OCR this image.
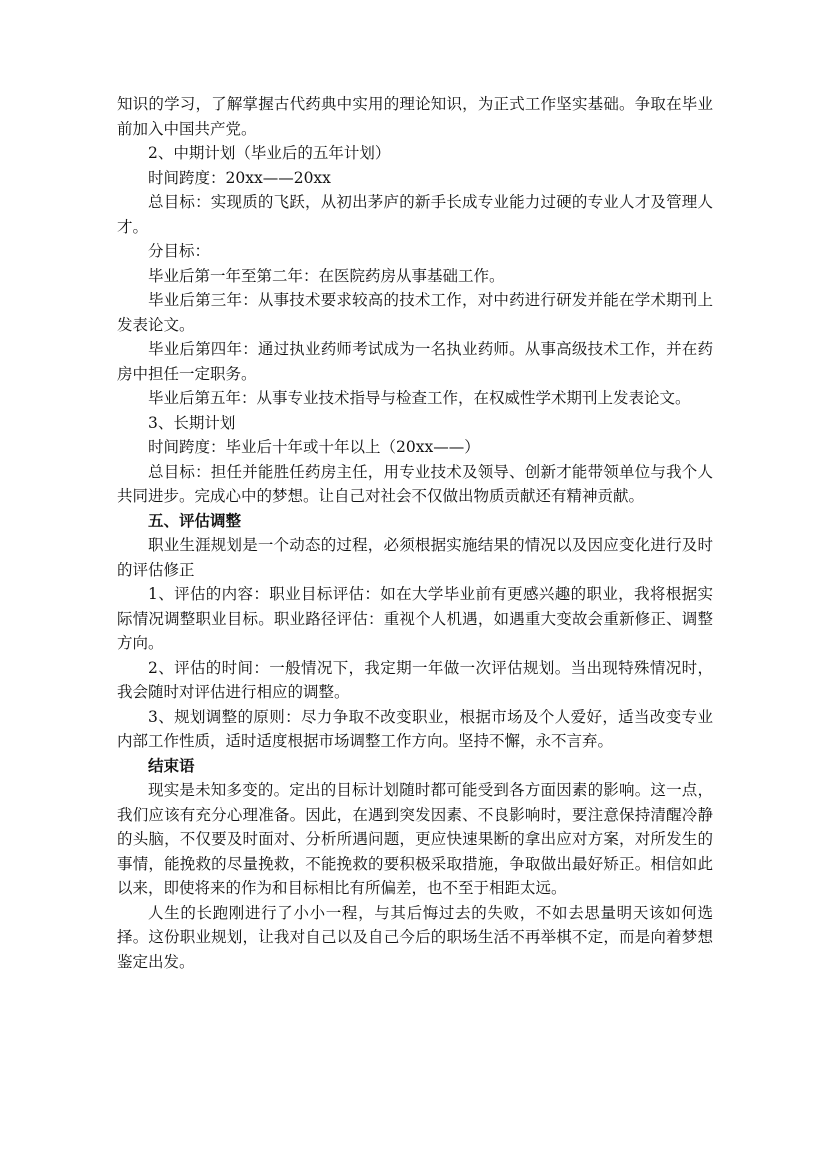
知识的学习，了解掌握古代药典中实用的理论知识，为正式工作坚实基础。争取在毕业前加入中国共产党。

2、中期计划（毕业后的五年计划）

时间跨度：20xx——20xx

总目标：实现质的飞跃，从初出茅庐的新手长成专业能力过硬的专业人才及管理人才。

分目标：

毕业后第一年至第二年：在医院药房从事基础工作。

毕业后第三年：从事技术要求较高的技术工作，对中药进行研发并能在学术期刊上发表论文。

毕业后第四年：通过执业药师考试成为一名执业药师。从事高级技术工作，并在药房中担任一定职务。

毕业后第五年：从事专业技术指导与检查工作，在权威性学术期刊上发表论文。

3、长期计划

时间跨度：毕业后十年或十年以上（20xx——）

总目标：担任并能胜任药房主任，用专业技术及领导、创新才能带领单位与我个人共同进步。完成心中的梦想。让自己对社会不仅做出物质贡献还有精神贡献。

五、评估调整

职业生涯规划是一个动态的过程，必须根据实施结果的情况以及因应变化进行及时的评估修正

1、评估的内容：职业目标评估：如在大学毕业前有更感兴趣的职业，我将根据实际情况调整职业目标。职业路径评估：重视个人机遇，如遇重大变故会重新修正、调整方向。

2、评估的时间：一般情况下，我定期一年做一次评估规划。当出现特殊情况时，我会随时对评估进行相应的调整。

3、规划调整的原则：尽力争取不改变职业，根据市场及个人爱好，适当改变专业内部工作性质，适时适度根据市场调整工作方向。坚持不懈，永不言弃。

结束语

现实是未知多变的。定出的目标计划随时都可能受到各方面因素的影响。这一点，我们应该有充分心理准备。因此，在遇到突发因素、不良影响时，要注意保持清醒冷静的头脑，不仅要及时面对、分析所遇问题，更应快速果断的拿出应对方案，对所发生的事情，能挽救的尽量挽救，不能挽救的要积极采取措施，争取做出最好矫正。相信如此以来，即使将来的作为和目标相比有所偏差，也不至于相距太远。

人生的长跑刚进行了小小一程，与其后悔过去的失败，不如去思量明天该如何选择。这份职业规划，让我对自己以及自己今后的职场生活不再举棋不定，而是向着梦想鉴定出发。
